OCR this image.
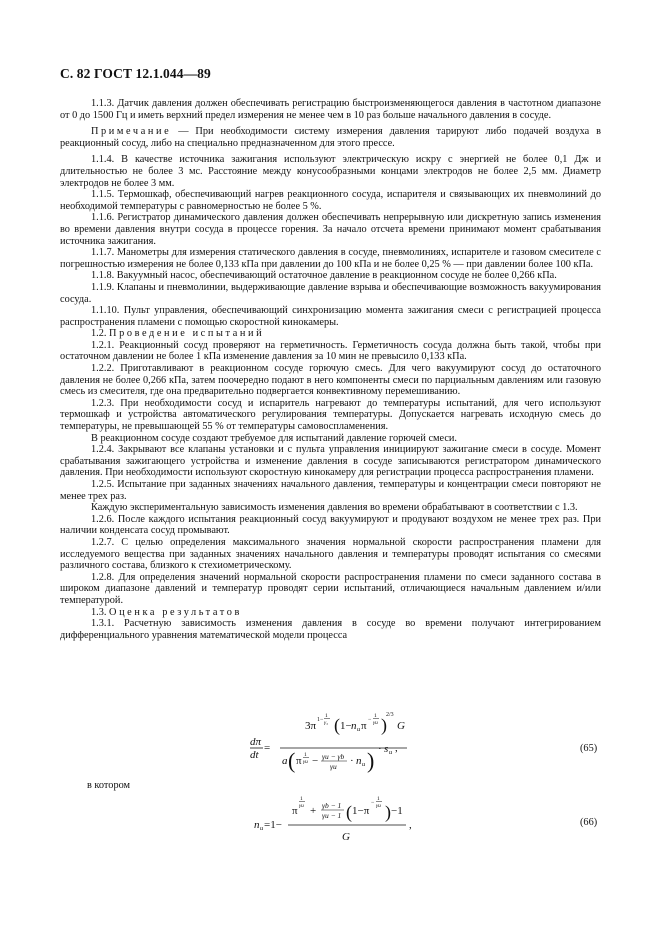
С. 82 ГОСТ 12.1.044—89

1.1.3. Датчик давления должен обеспечивать регистрацию быстроизменяющегося давления в частотном диапазоне от 0 до 1500 Гц и иметь верхний предел измерения не менее чем в 10 раз больше начального давления в сосуде.

Примечание — При необходимости систему измерения давления тарируют либо подачей воздуха в реакционный сосуд, либо на специально предназначенном для этого прессе.

1.1.4. В качестве источника зажигания используют электрическую искру с энергией не более 0,1 Дж и длительностью не более 3 мс. Расстояние между конусообразными концами электродов не более 2,5 мм. Диаметр электродов не более 3 мм.

1.1.5. Термошкаф, обеспечивающий нагрев реакционного сосуда, испарителя и связывающих их пневмолиний до необходимой температуры с равномерностью не более 5 %.

1.1.6. Регистратор динамического давления должен обеспечивать непрерывную или дискретную запись изменения во времени давления внутри сосуда в процессе горения. За начало отсчета времени принимают момент срабатывания источника зажигания.

1.1.7. Манометры для измерения статического давления в сосуде, пневмолиниях, испарителе и газовом смесителе с погрешностью измерения не более 0,133 кПа при давлении до 100 кПа и не более 0,25 % — при давлении более 100 кПа.

1.1.8. Вакуумный насос, обеспечивающий остаточное давление в реакционном сосуде не более 0,266 кПа.

1.1.9. Клапаны и пневмолинии, выдерживающие давление взрыва и обеспечивающие возможность вакуумирования сосуда.

1.1.10. Пульт управления, обеспечивающий синхронизацию момента зажигания смеси с регистрацией процесса распространения пламени с помощью скоростной кинокамеры.

1.2. Проведение испытаний

1.2.1. Реакционный сосуд проверяют на герметичность. Герметичность сосуда должна быть такой, чтобы при остаточном давлении не более 1 кПа изменение давления за 10 мин не превысило 0,133 кПа.

1.2.2. Приготавливают в реакционном сосуде горючую смесь. Для чего вакуумируют сосуд до остаточного давления не более 0,266 кПа, затем поочередно подают в него компоненты смеси по парциальным давлениям или газовую смесь из смесителя, где она предварительно подвергается конвективному перемешиванию.

1.2.3. При необходимости сосуд и испаритель нагревают до температуры испытаний, для чего используют термошкаф и устройства автоматического регулирования температуры. Допускается нагревать исходную смесь до температуры, не превышающей 55 % от температуры самовоспламенения.

В реакционном сосуде создают требуемое для испытаний давление горючей смеси.

1.2.4. Закрывают все клапаны установки и с пульта управления инициируют зажигание смеси в сосуде. Момент срабатывания зажигающего устройства и изменение давления в сосуде записываются регистратором динамического давления. При необходимости используют скоростную кинокамеру для регистрации процесса распространения пламени.

1.2.5. Испытание при заданных значениях начального давления, температуры и концентрации смеси повторяют не менее трех раз.

Каждую экспериментальную зависимость изменения давления во времени обрабатывают в соответствии с 1.3.

1.2.6. После каждого испытания реакционный сосуд вакуумируют и продувают воздухом не менее трех раз. При наличии конденсата сосуд промывают.

1.2.7. С целью определения максимального значения нормальной скорости распространения пламени для исследуемого вещества при заданных значениях начального давления и температуры проводят испытания со смесями различного состава, близкого к стехиометрическому.

1.2.8. Для определения значений нормальной скорости распространения пламени по смеси заданного состава в широком диапазоне давлений и температур проводят серии испытаний, отличающиеся начальным давлением и/или температурой.

1.3. Оценка результатов

1.3.1. Расчетную зависимость изменения давления в сосуде во времени получают интегрированием дифференциального уравнения математической модели процесса

dπ
dt
=
3π 1−
1
γ₃ ( 1− n u π −
1
γu ) 2/3
G
a ( π 1
γu − γu − γb
γu · n u ) · s u ,	(65)
в котором
n u =1−
π
1
γu + γb − 1
γu − 1 ( 1−π
−
1
γu ) −1
G
,	(66)
